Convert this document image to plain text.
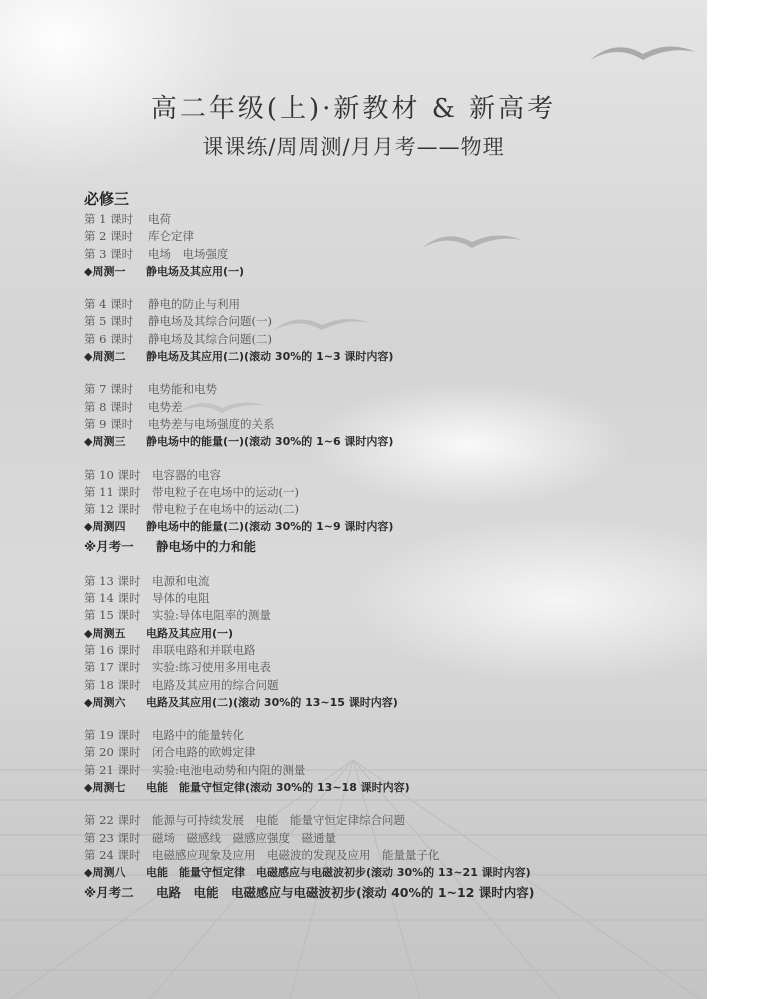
高二年级(上)·新教材 & 新高考
课课练/周周测/月月考——物理
必修三
第 1 课时	电荷
第 2 课时	库仑定律
第 3 课时	电场　电场强度
◆周测一	静电场及其应用(一)
第 4 课时	静电的防止与利用
第 5 课时	静电场及其综合问题(一)
第 6 课时	静电场及其综合问题(二)
◆周测二	静电场及其应用(二)(滚动 30%的 1~3 课时内容)
第 7 课时	电势能和电势
第 8 课时	电势差
第 9 课时	电势差与电场强度的关系
◆周测三	静电场中的能量(一)(滚动 30%的 1~6 课时内容)
第 10 课时	电容器的电容
第 11 课时	带电粒子在电场中的运动(一)
第 12 课时	带电粒子在电场中的运动(二)
◆周测四	静电场中的能量(二)(滚动 30%的 1~9 课时内容)
※月考一	静电场中的力和能
第 13 课时	电源和电流
第 14 课时	导体的电阻
第 15 课时	实验:导体电阻率的测量
◆周测五	电路及其应用(一)
第 16 课时	串联电路和并联电路
第 17 课时	实验:练习使用多用电表
第 18 课时	电路及其应用的综合问题
◆周测六	电路及其应用(二)(滚动 30%的 13~15 课时内容)
第 19 课时	电路中的能量转化
第 20 课时	闭合电路的欧姆定律
第 21 课时	实验:电池电动势和内阻的测量
◆周测七	电能　能量守恒定律(滚动 30%的 13~18 课时内容)
第 22 课时	能源与可持续发展　电能　能量守恒定律综合问题
第 23 课时	磁场　磁感线　磁感应强度　磁通量
第 24 课时	电磁感应现象及应用　电磁波的发现及应用　能量量子化
◆周测八	电能　能量守恒定律　电磁感应与电磁波初步(滚动 30%的 13~21 课时内容)
※月考二	电路　电能　电磁感应与电磁波初步(滚动 40%的 1~12 课时内容)
